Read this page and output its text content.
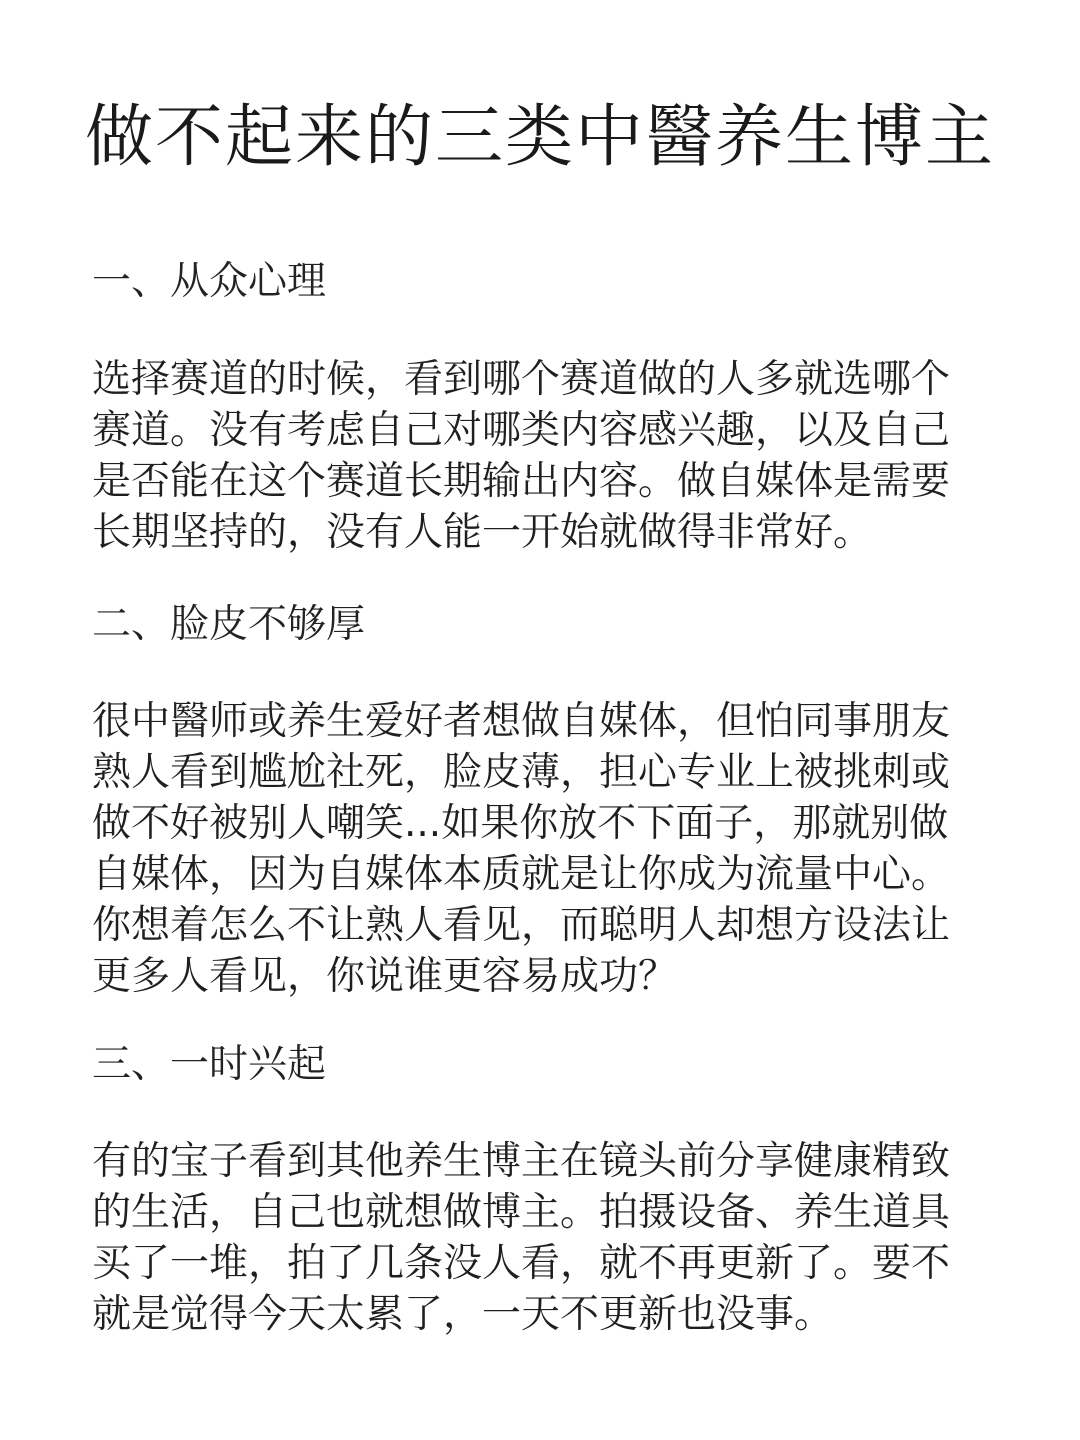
做不起来的三类中醫养生博主
一、从众心理

选择赛道的时候，看到哪个赛道做的人多就选哪个
赛道。没有考虑自己对哪类内容感兴趣，以及自己
是否能在这个赛道长期输出内容。做自媒体是需要
长期坚持的，没有人能一开始就做得非常好。

二、脸皮不够厚

很中醫师或养生爱好者想做自媒体，但怕同事朋友
熟人看到尴尬社死，脸皮薄，担心专业上被挑刺或
做不好被别人嘲笑...如果你放不下面子，那就别做
自媒体，因为自媒体本质就是让你成为流量中心。
你想着怎么不让熟人看见，而聪明人却想方设法让
更多人看见，你说谁更容易成功？

三、一时兴起

有的宝子看到其他养生博主在镜头前分享健康精致
的生活，自己也就想做博主。拍摄设备、养生道具
买了一堆，拍了几条没人看，就不再更新了。要不
就是觉得今天太累了，一天不更新也没事。
